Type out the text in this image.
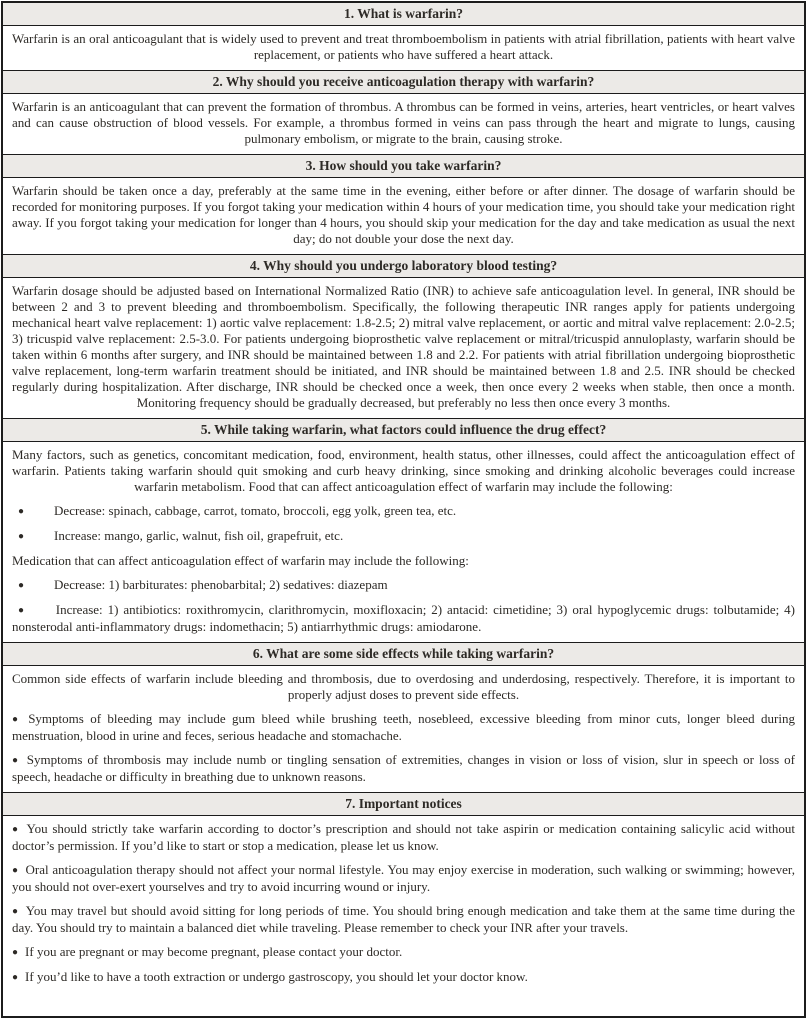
1. What is warfarin?

Warfarin is an oral anticoagulant that is widely used to prevent and treat thromboembolism in patients with atrial fibrillation, patients with heart valve replacement, or patients who have suffered a heart attack.

2. Why should you receive anticoagulation therapy with warfarin?

Warfarin is an anticoagulant that can prevent the formation of thrombus. A thrombus can be formed in veins, arteries, heart ventricles, or heart valves and can cause obstruction of blood vessels. For example, a thrombus formed in veins can pass through the heart and migrate to lungs, causing pulmonary embolism, or migrate to the brain, causing stroke.

3. How should you take warfarin?

Warfarin should be taken once a day, preferably at the same time in the evening, either before or after dinner. The dosage of warfarin should be recorded for monitoring purposes. If you forgot taking your medication within 4 hours of your medication time, you should take your medication right away. If you forgot taking your medication for longer than 4 hours, you should skip your medication for the day and take medication as usual the next day; do not double your dose the next day.

4. Why should you undergo laboratory blood testing?

Warfarin dosage should be adjusted based on International Normalized Ratio (INR) to achieve safe anticoagulation level. In general, INR should be between 2 and 3 to prevent bleeding and thromboembolism. Specifically, the following therapeutic INR ranges apply for patients undergoing mechanical heart valve replacement: 1) aortic valve replacement: 1.8-2.5; 2) mitral valve replacement, or aortic and mitral valve replacement: 2.0-2.5; 3) tricuspid valve replacement: 2.5-3.0. For patients undergoing bioprosthetic valve replacement or mitral/tricuspid annuloplasty, warfarin should be taken within 6 months after surgery, and INR should be maintained between 1.8 and 2.2. For patients with atrial fibrillation undergoing bioprosthetic valve replacement, long-term warfarin treatment should be initiated, and INR should be maintained between 1.8 and 2.5. INR should be checked regularly during hospitalization. After discharge, INR should be checked once a week, then once every 2 weeks when stable, then once a month. Monitoring frequency should be gradually decreased, but preferably no less then once every 3 months.

5. While taking warfarin, what factors could influence the drug effect?

Many factors, such as genetics, concomitant medication, food, environment, health status, other illnesses, could affect the anticoagulation effect of warfarin. Patients taking warfarin should quit smoking and curb heavy drinking, since smoking and drinking alcoholic beverages could increase warfarin metabolism. Food that can affect anticoagulation effect of warfarin may include the following:

● Decrease: spinach, cabbage, carrot, tomato, broccoli, egg yolk, green tea, etc.

● Increase: mango, garlic, walnut, fish oil, grapefruit, etc.

Medication that can affect anticoagulation effect of warfarin may include the following:

● Decrease: 1) barbiturates: phenobarbital; 2) sedatives: diazepam

● Increase: 1) antibiotics: roxithromycin, clarithromycin, moxifloxacin; 2) antacid: cimetidine; 3) oral hypoglycemic drugs: tolbutamide; 4) nonsterodal anti-inflammatory drugs: indomethacin; 5) antiarrhythmic drugs: amiodarone.

6. What are some side effects while taking warfarin?

Common side effects of warfarin include bleeding and thrombosis, due to overdosing and underdosing, respectively. Therefore, it is important to properly adjust doses to prevent side effects.

● Symptoms of bleeding may include gum bleed while brushing teeth, nosebleed, excessive bleeding from minor cuts, longer bleed during menstruation, blood in urine and feces, serious headache and stomachache.

● Symptoms of thrombosis may include numb or tingling sensation of extremities, changes in vision or loss of vision, slur in speech or loss of speech, headache or difficulty in breathing due to unknown reasons.

7. Important notices

● You should strictly take warfarin according to doctor’s prescription and should not take aspirin or medication containing salicylic acid without doctor’s permission. If you’d like to start or stop a medication, please let us know.

● Oral anticoagulation therapy should not affect your normal lifestyle. You may enjoy exercise in moderation, such walking or swimming; however, you should not over-exert yourselves and try to avoid incurring wound or injury.

● You may travel but should avoid sitting for long periods of time. You should bring enough medication and take them at the same time during the day. You should try to maintain a balanced diet while traveling. Please remember to check your INR after your travels.

● If you are pregnant or may become pregnant, please contact your doctor.

● If you’d like to have a tooth extraction or undergo gastroscopy, you should let your doctor know.
